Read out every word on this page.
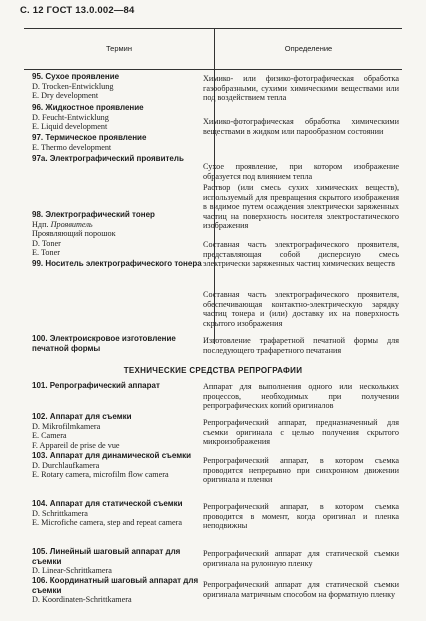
С. 12 ГОСТ 13.0.002—84
Термин	Определение

95. Сухое проявление

D. Trocken-Entwicklung

E. Dry development

Химико- или физико-фотографическая обработка газообразными, сухими химическими веществами или под воздействием тепла

96. Жидкостное проявление

D. Feucht-Entwicklung

E. Liquid development

Химико-фотографическая обработка химическими веществами в жидком или парообразном состоянии

97. Термическое проявление

E. Thermo development

Сухое проявление, при котором изображение образуется под влиянием тепла

97а. Электрографический проявитель

Раствор (или смесь сухих химических веществ), используемый для превращения скрытого изображения в видимое путем осаждения электрически заряженных частиц на поверхность носителя электростатического изображения

98. Электрографический тонер

Ндп. Проявитель

Проявляющий порошок

D. Toner

E. Toner

Составная часть электрографического проявителя, представляющая собой дисперсную смесь электрически заряженных частиц химических веществ

99. Носитель электрографического тонера

Составная часть электрографического проявителя, обеспечивающая контактно-электрическую зарядку частиц тонера и (или) доставку их на поверхность скрытого изображения

100. Электроискровое изготовление печатной формы

Изготовление трафаретной печатной формы для последующего трафаретного печатания

ТЕХНИЧЕСКИЕ СРЕДСТВА РЕПРОГРАФИИ

101. Репрографический аппарат	Аппарат для выполнения одного или нескольких процессов, необходимых при получении репрографических копий оригиналов

102. Аппарат для съемки

D. Mikrofilmkamera

E. Camera

F. Appareil de prise de vue

Репрографический аппарат, предназначенный для съемки оригинала с целью получения скрытого микроизображения

103. Аппарат для динамической съемки

D. Durchlaufkamera

E. Rotary camera, microfilm flow camera

Репрографический аппарат, в котором съемка проводится непрерывно при синхронном движении оригинала и пленки

104. Аппарат для статической съемки

D. Schrittkamera

E. Microfiche camera, step and repeat camera

Репрографический аппарат, в котором съемка проводится в момент, когда оригинал и пленка неподвижны

105. Линейный шаговый аппарат для съемки

D. Linear-Schrittkamera

Репрографический аппарат для статической съемки оригинала на рулонную пленку

106. Координатный шаговый аппарат для съемки

D. Koordinaten-Schrittkamera

Репрографический аппарат для статической съемки оригинала матричным способом на форматную пленку
